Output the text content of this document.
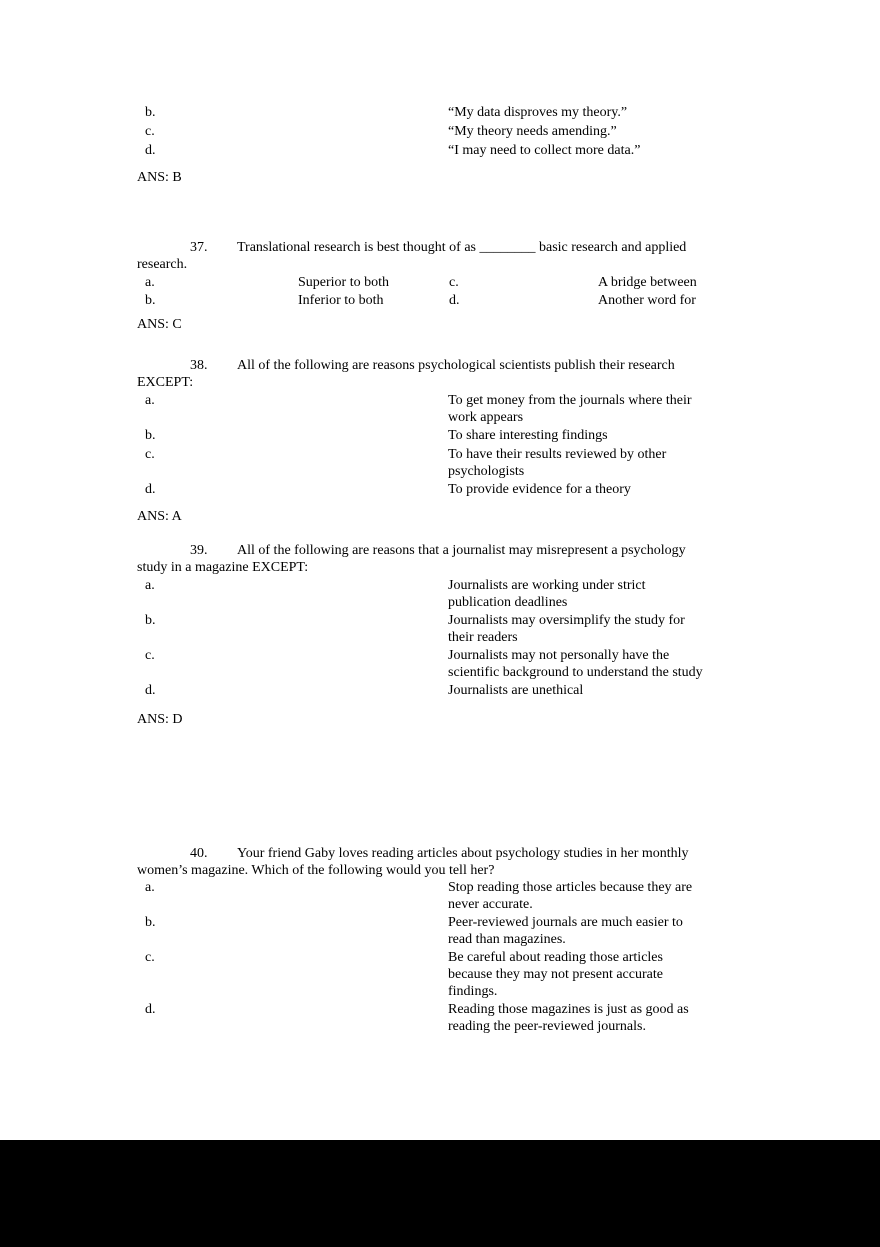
b.	“My data disproves my theory.”
c.	“My theory needs amending.”
d.	“I may need to collect more data.”
ANS: B
37. Translational research is best thought of as ________ basic research and applied
research.
a.	Superior to both	c.	A bridge between
b.	Inferior to both	d.	Another word for
ANS: C
38. All of the following are reasons psychological scientists publish their research
EXCEPT:
a.	To get money from the journals where their
work appears
b.	To share interesting findings
c.	To have their results reviewed by other
psychologists
d.	To provide evidence for a theory
ANS: A
39. All of the following are reasons that a journalist may misrepresent a psychology
study in a magazine EXCEPT:
a.	Journalists are working under strict
publication deadlines
b.	Journalists may oversimplify the study for
their readers
c.	Journalists may not personally have the
scientific background to understand the study
d.	Journalists are unethical
ANS: D
40. Your friend Gaby loves reading articles about psychology studies in her monthly
women’s magazine. Which of the following would you tell her?
a.	Stop reading those articles because they are
never accurate.
b.	Peer-reviewed journals are much easier to
read than magazines.
c.	Be careful about reading those articles
because they may not present accurate
findings.
d.	Reading those magazines is just as good as
reading the peer-reviewed journals.
